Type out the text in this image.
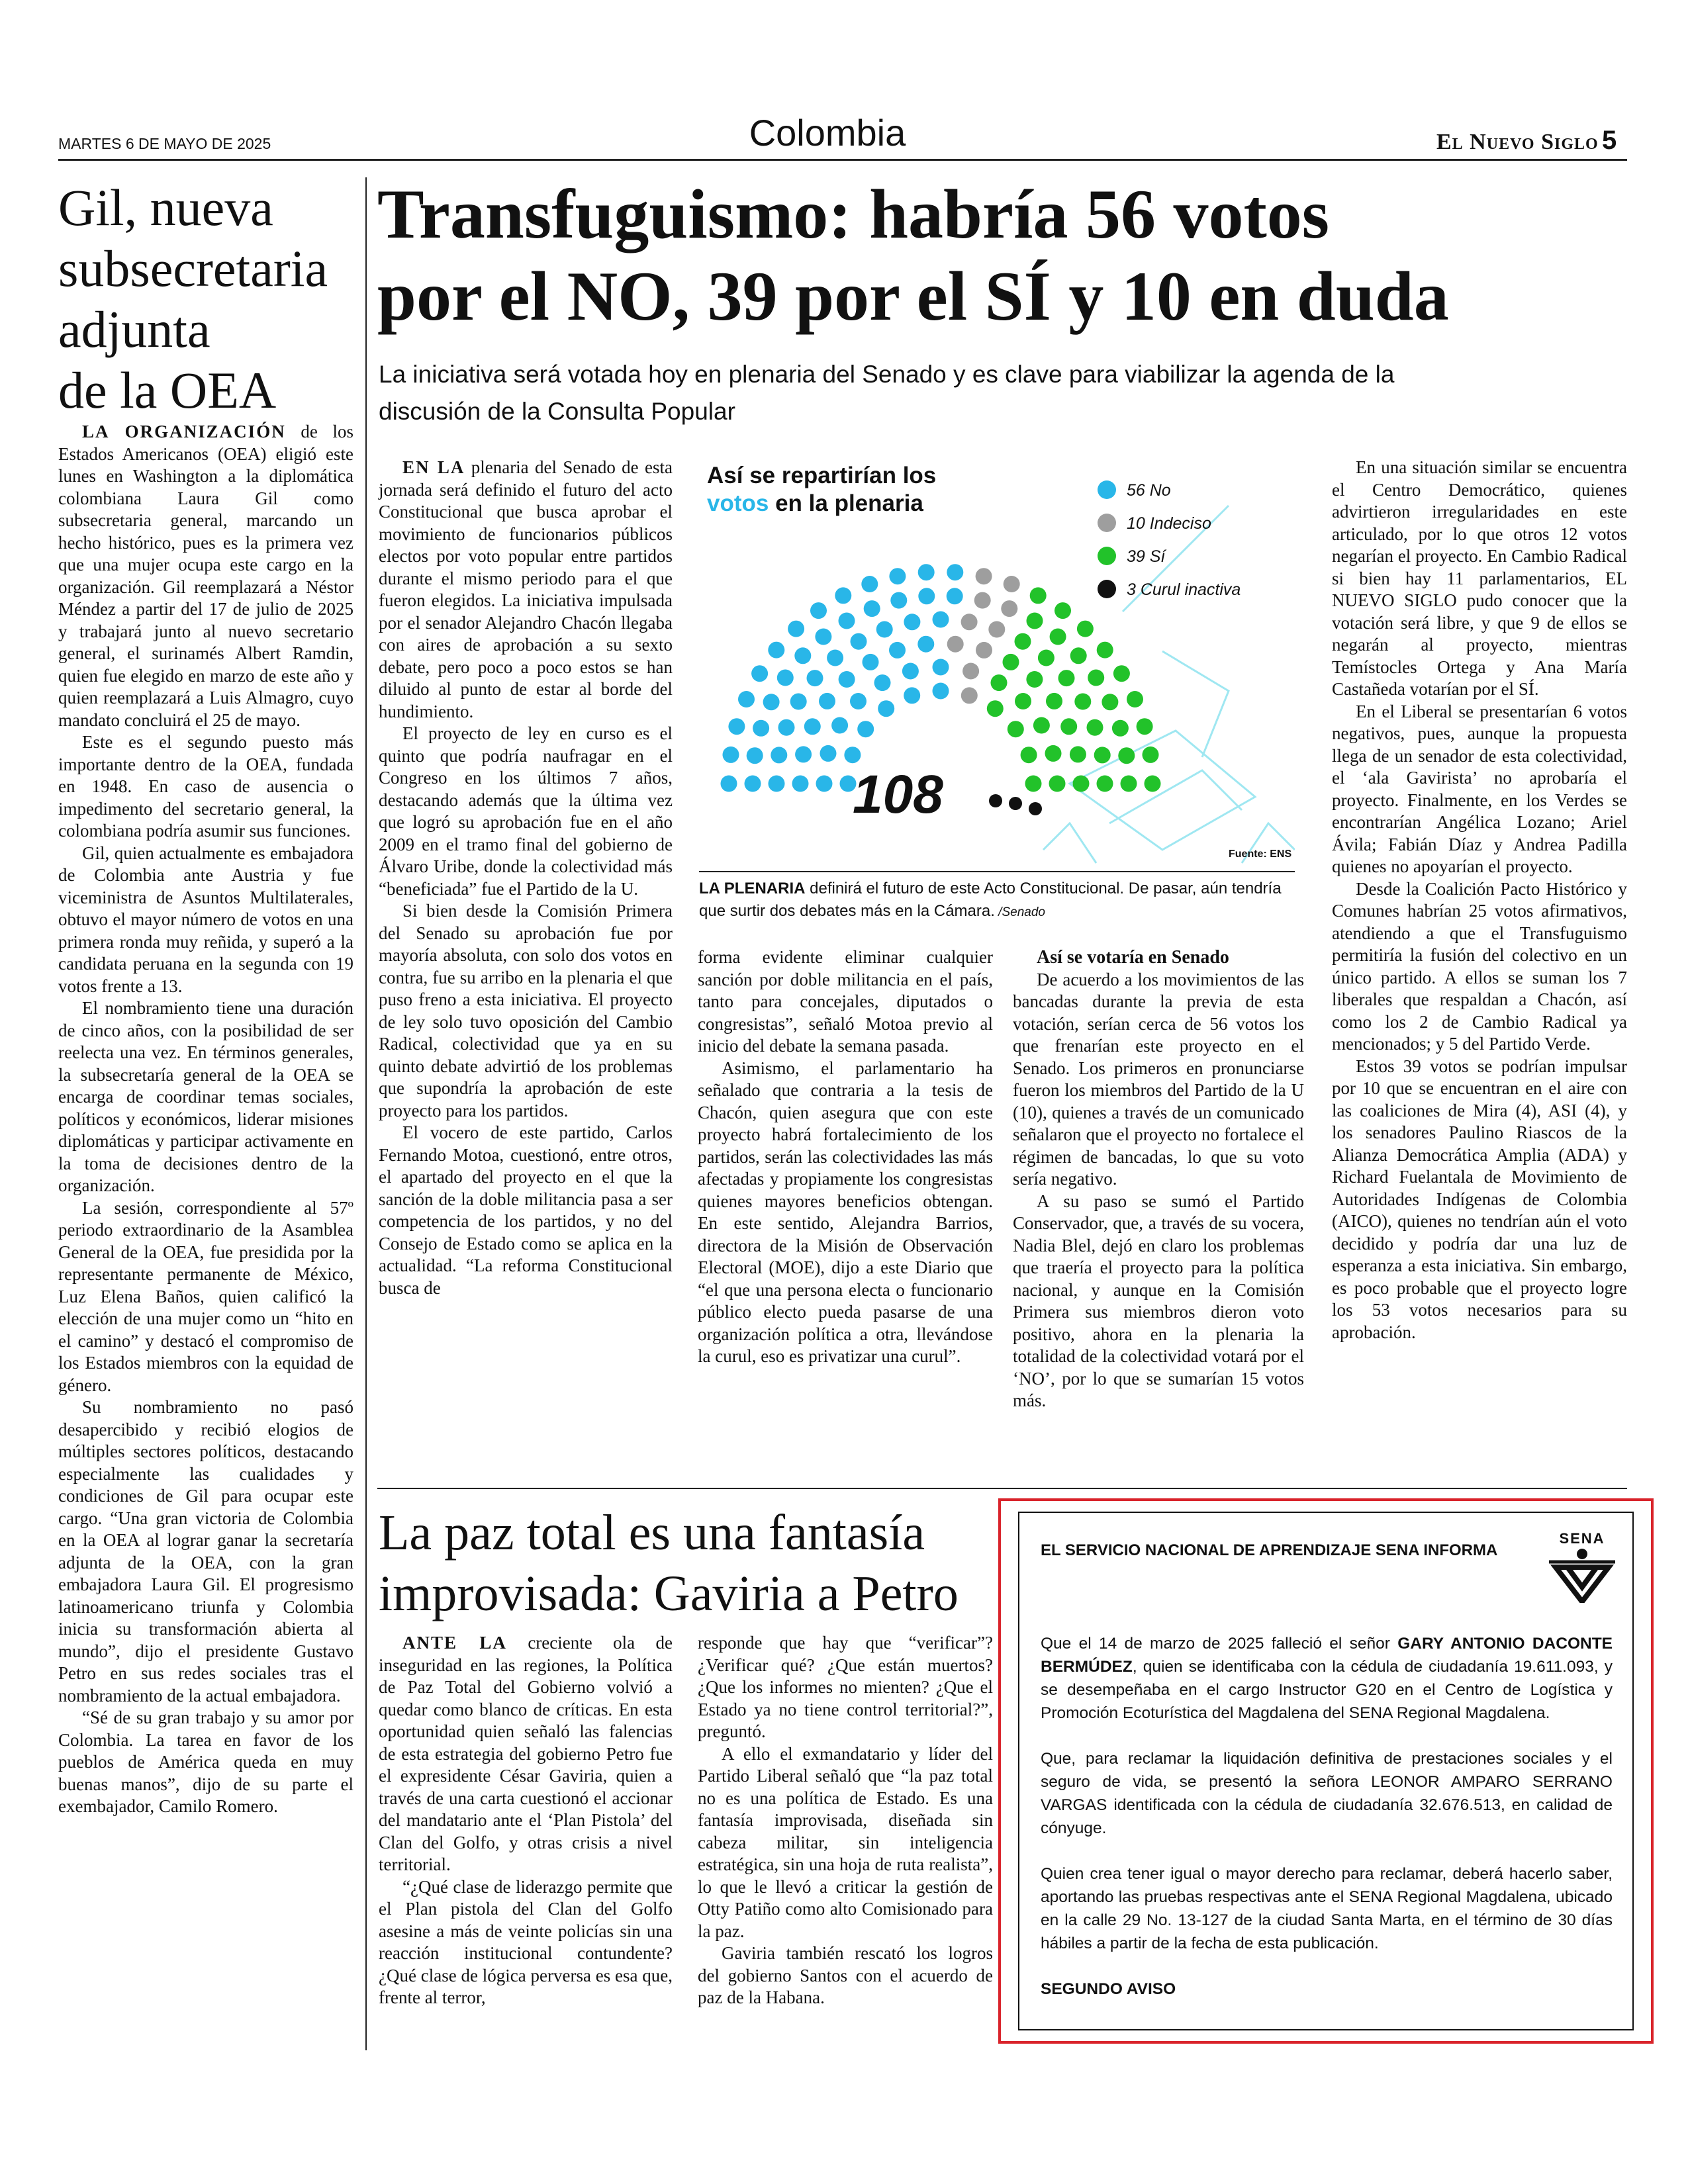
MARTES 6 DE MAYO DE 2025	Colombia	El Nuevo Siglo 5
Gil, nueva
subsecretaria
adjunta
de la OEA

LA ORGANIZACIÓN de los Estados Americanos (OEA) eligió este lunes en Washington a la diplomática colombiana Laura Gil como subsecretaria general, marcando un hecho histórico, pues es la primera vez que una mujer ocupa este cargo en la organización. Gil reemplazará a Néstor Méndez a partir del 17 de julio de 2025 y trabajará junto al nuevo secretario general, el surinamés Albert Ramdin, quien fue elegido en marzo de este año y quien reemplazará a Luis Almagro, cuyo mandato concluirá el 25 de mayo.

Este es el segundo puesto más importante dentro de la OEA, fundada en 1948. En caso de ausencia o impedimento del secretario general, la colombiana podría asumir sus funciones.

Gil, quien actualmente es embajadora de Colombia ante Austria y fue viceministra de Asuntos Multilaterales, obtuvo el mayor número de votos en una primera ronda muy reñida, y superó a la candidata peruana en la segunda con 19 votos frente a 13.

El nombramiento tiene una duración de cinco años, con la posibilidad de ser reelecta una vez. En términos generales, la subsecretaría general de la OEA se encarga de coordinar temas sociales, políticos y económicos, liderar misiones diplomáticas y participar activamente en la toma de decisiones dentro de la organización.

La sesión, correspondiente al 57º periodo extraordinario de la Asamblea General de la OEA, fue presidida por la representante permanente de México, Luz Elena Baños, quien calificó la elección de una mujer como un “hito en el camino” y destacó el compromiso de los Estados miembros con la equidad de género.

Su nombramiento no pasó desapercibido y recibió elogios de múltiples sectores políticos, destacando especialmente las cualidades y condiciones de Gil para ocupar este cargo. “Una gran victoria de Colombia en la OEA al lograr ganar la secretaría adjunta de la OEA, con la gran embajadora Laura Gil. El progresismo latinoamericano triunfa y Colombia inicia su transformación abierta al mundo”, dijo el presidente Gustavo Petro en sus redes sociales tras el nombramiento de la actual embajadora.

“Sé de su gran trabajo y su amor por Colombia. La tarea en favor de los pueblos de América queda en muy buenas manos”, dijo de su parte el exembajador, Camilo Romero.

Transfuguismo: habría 56 votos
por el NO, 39 por el SÍ y 10 en duda
La iniciativa será votada hoy en plenaria del Senado y es clave para viabilizar la agenda de la
discusión de la Consulta Popular

EN LA plenaria del Senado de esta jornada será definido el futuro del acto Constitucional que busca aprobar el movimiento de funcionarios públicos electos por voto popular entre partidos durante el mismo periodo para el que fueron elegidos. La iniciativa impulsada por el senador Alejandro Chacón llegaba con aires de aprobación a su sexto debate, pero poco a poco estos se han diluido al punto de estar al borde del hundimiento.

El proyecto de ley en curso es el quinto que podría naufragar en el Congreso en los últimos 7 años, destacando además que la última vez que logró su aprobación fue en el año 2009 en el tramo final del gobierno de Álvaro Uribe, donde la colectividad más “beneficiada” fue el Partido de la U.

Si bien desde la Comisión Primera del Senado su aprobación fue por mayoría absoluta, con solo dos votos en contra, fue su arribo en la plenaria el que puso freno a esta iniciativa. El proyecto de ley solo tuvo oposición del Cambio Radical, colectividad que ya en su quinto debate advirtió de los problemas que supondría la aprobación de este proyecto para los partidos.

El vocero de este partido, Carlos Fernando Motoa, cuestionó, entre otros, el apartado del proyecto en el que la sanción de la doble militancia pasa a ser competencia de los partidos, y no del Consejo de Estado como se aplica en la actualidad. “La reforma Constitucional busca de

56 No
10 Indeciso
39 Sí
3 Curul inactiva
Así se repartirían los
votos en la plenaria
108
Fuente: ENS
LA PLENARIA definirá el futuro de este Acto Constitucional. De pasar, aún tendría que surtir dos debates más en la Cámara. /Senado

forma evidente eliminar cualquier sanción por doble militancia en el país, tanto para concejales, diputados o congresistas”, señaló Motoa previo al inicio del debate la semana pasada.

Asimismo, el parlamentario ha señalado que contraria a la tesis de Chacón, quien asegura que con este proyecto habrá fortalecimiento de los partidos, serán las colectividades las más afectadas y propiamente los congresistas quienes mayores beneficios obtengan. En este sentido, Alejandra Barrios, directora de la Misión de Observación Electoral (MOE), dijo a este Diario que “el que una persona electa o funcionario público electo pueda pasarse de una organización política a otra, llevándose la curul, eso es privatizar una curul”.

Así se votaría en Senado

De acuerdo a los movimientos de las bancadas durante la previa de esta votación, serían cerca de 56 votos los que frenarían este proyecto en el Senado. Los primeros en pronunciarse fueron los miembros del Partido de la U (10), quienes a través de un comunicado señalaron que el proyecto no fortalece el régimen de bancadas, lo que su voto sería negativo.

A su paso se sumó el Partido Conservador, que, a través de su vocera, Nadia Blel, dejó en claro los problemas que traería el proyecto para la política nacional, y aunque en la Comisión Primera sus miembros dieron voto positivo, ahora en la plenaria la totalidad de la colectividad votará por el ‘NO’, por lo que se sumarían 15 votos más.

En una situación similar se encuentra el Centro Democrático, quienes advirtieron irregularidades en este articulado, por lo que otros 12 votos negarían el proyecto. En Cambio Radical si bien hay 11 parlamentarios, EL NUEVO SIGLO pudo conocer que la votación será libre, y que 9 de ellos se negarán al proyecto, mientras Temístocles Ortega y Ana María Castañeda votarían por el SÍ.

En el Liberal se presentarían 6 votos negativos, pues, aunque la propuesta llega de un senador de esta colectividad, el ‘ala Gavirista’ no aprobaría el proyecto. Finalmente, en los Verdes se encontrarían Angélica Lozano; Ariel Ávila; Fabián Díaz y Andrea Padilla quienes no apoyarían el proyecto.

Desde la Coalición Pacto Histórico y Comunes habrían 25 votos afirmativos, atendiendo a que el Transfuguismo permitiría la fusión del colectivo en un único partido. A ellos se suman los 7 liberales que respaldan a Chacón, así como los 2 de Cambio Radical ya mencionados; y 5 del Partido Verde.

Estos 39 votos se podrían impulsar por 10 que se encuentran en el aire con las coaliciones de Mira (4), ASI (4), y los senadores Paulino Riascos de la Alianza Democrática Amplia (ADA) y Richard Fuelantala de Movimiento de Autoridades Indígenas de Colombia (AICO), quienes no tendrían aún el voto decidido y podría dar una luz de esperanza a esta iniciativa. Sin embargo, es poco probable que el proyecto logre los 53 votos necesarios para su aprobación.

La paz total es una fantasía
improvisada: Gaviria a Petro

ANTE LA creciente ola de inseguridad en las regiones, la Política de Paz Total del Gobierno volvió a quedar como blanco de críticas. En esta oportunidad quien señaló las falencias de esta estrategia del gobierno Petro fue el expresidente César Gaviria, quien a través de una carta cuestionó el accionar del mandatario ante el ‘Plan Pistola’ del Clan del Golfo, y otras crisis a nivel territorial.

“¿Qué clase de liderazgo permite que el Plan pistola del Clan del Golfo asesine a más de veinte policías sin una reacción institucional contundente? ¿Qué clase de lógica perversa es esa que, frente al terror,

responde que hay que “verificar”? ¿Verificar qué? ¿Que están muertos? ¿Que los informes no mienten? ¿Que el Estado ya no tiene control territorial?”, preguntó.

A ello el exmandatario y líder del Partido Liberal señaló que “la paz total no es una política de Estado. Es una fantasía improvisada, diseñada sin cabeza militar, sin inteligencia estratégica, sin una hoja de ruta realista”, lo que le llevó a criticar la gestión de Otty Patiño como alto Comisionado para la paz.

Gaviria también rescató los logros del gobierno Santos con el acuerdo de paz de la Habana.

EL SERVICIO NACIONAL DE APRENDIZAJE SENA INFORMA
SENA

Que el 14 de marzo de 2025 falleció el señor GARY ANTONIO DACONTE BERMÚDEZ, quien se identificaba con la cédula de ciudadanía 19.611.093, y se desempeñaba en el cargo Instructor G20 en el Centro de Logística y Promoción Ecoturística del Magdalena del SENA Regional Magdalena.

Que, para reclamar la liquidación definitiva de prestaciones sociales y el seguro de vida, se presentó la señora LEONOR AMPARO SERRANO VARGAS identificada con la cédula de ciudadanía 32.676.513, en calidad de cónyuge.

Quien crea tener igual o mayor derecho para reclamar, deberá hacerlo saber, aportando las pruebas respectivas ante el SENA Regional Magdalena, ubicado en la calle 29 No. 13-127 de la ciudad Santa Marta, en el término de 30 días hábiles a partir de la fecha de esta publicación.

SEGUNDO AVISO
